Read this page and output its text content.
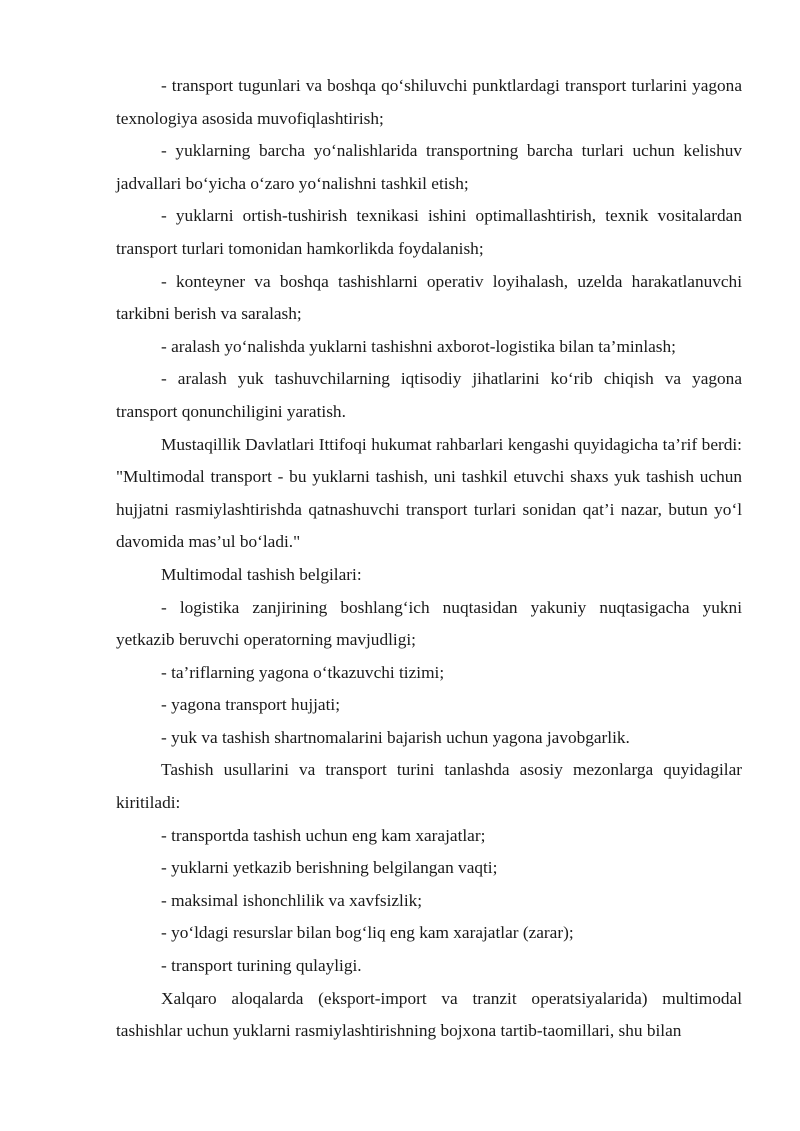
- transport tugunlari va boshqa qo‘shiluvchi punktlardagi transport turlarini yagona texnologiya asosida muvofiqlashtirish;

- yuklarning barcha yo‘nalishlarida transportning barcha turlari uchun kelishuv jadvallari bo‘yicha o‘zaro yo‘nalishni tashkil etish;

- yuklarni ortish-tushirish texnikasi ishini optimallashtirish, texnik vositalardan transport turlari tomonidan hamkorlikda foydalanish;

- konteyner va boshqa tashishlarni operativ loyihalash, uzelda harakatlanuvchi tarkibni berish va saralash;

- aralash yo‘nalishda yuklarni tashishni axborot-logistika bilan ta’minlash;

- aralash yuk tashuvchilarning iqtisodiy jihatlarini ko‘rib chiqish va yagona transport qonunchiligini yaratish.

Mustaqillik Davlatlari Ittifoqi hukumat rahbarlari kengashi quyidagicha ta’rif berdi: "Multimodal transport - bu yuklarni tashish, uni tashkil etuvchi shaxs yuk tashish uchun hujjatni rasmiylashtirishda qatnashuvchi transport turlari sonidan qat’i nazar, butun yo‘l davomida mas’ul bo‘ladi."

Multimodal tashish belgilari:

- logistika zanjirining boshlang‘ich nuqtasidan yakuniy nuqtasigacha yukni yetkazib beruvchi operatorning mavjudligi;

- ta’riflarning yagona o‘tkazuvchi tizimi;

- yagona transport hujjati;

- yuk va tashish shartnomalarini bajarish uchun yagona javobgarlik.

Tashish usullarini va transport turini tanlashda asosiy mezonlarga quyidagilar kiritiladi:

- transportda tashish uchun eng kam xarajatlar;

- yuklarni yetkazib berishning belgilangan vaqti;

- maksimal ishonchlilik va xavfsizlik;

- yo‘ldagi resurslar bilan bog‘liq eng kam xarajatlar (zarar);

- transport turining qulayligi.

Xalqaro aloqalarda (eksport-import va tranzit operatsiyalarida) multimodal tashishlar uchun yuklarni rasmiylashtirishning bojxona tartib-taomillari, shu bilan
